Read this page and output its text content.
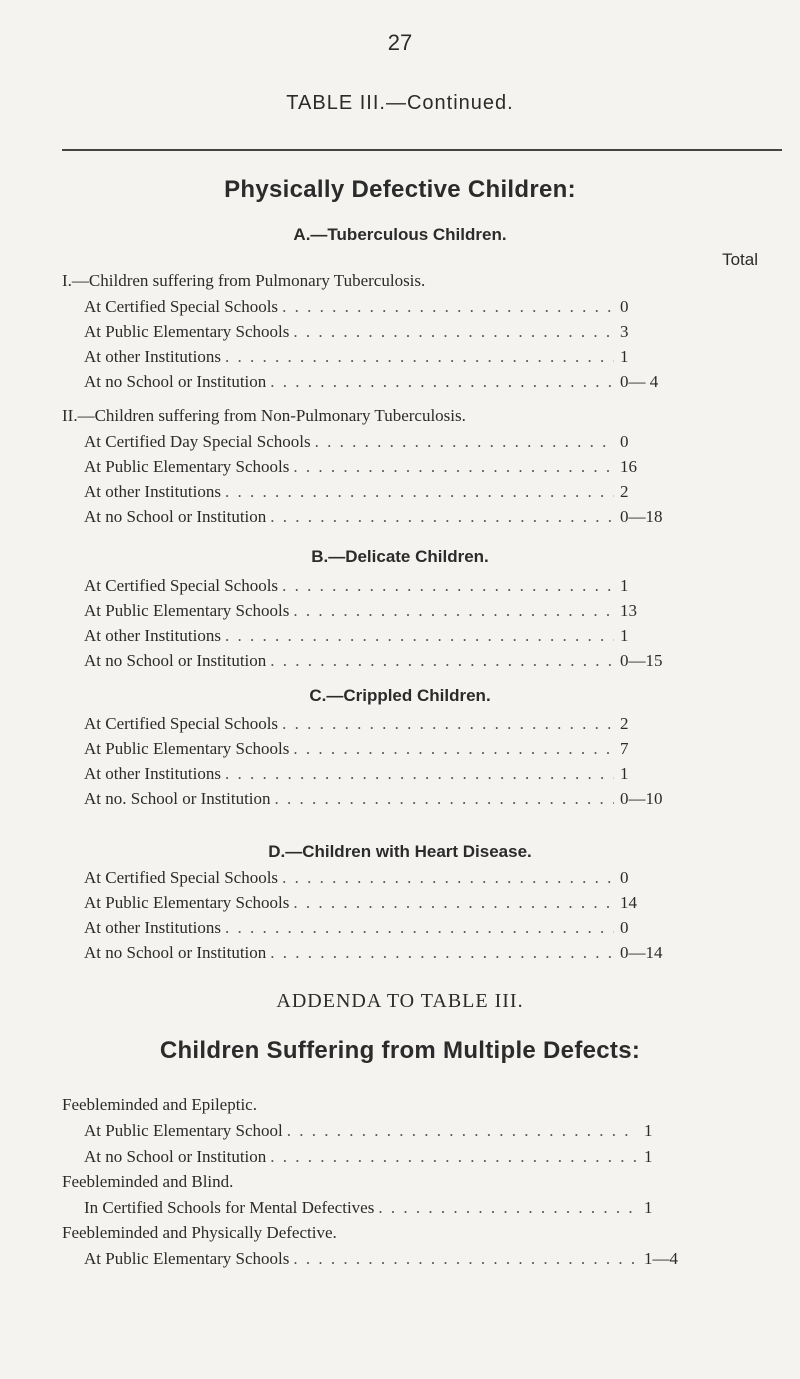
27
TABLE III.—Continued.
Physically Defective Children:
A.—Tuberculous Children.
Total
I.—Children suffering from Pulmonary Tuberculosis.
At Certified Special Schools . . .	0
At Public Elementary Schools . . .	3
At other Institutions . . .	1
At no School or Institution . . .	0— 4
II.—Children suffering from Non-Pulmonary Tuberculosis.
At Certified Day Special Schools . . .	0
At Public Elementary Schools . . .	16
At other Institutions . . .	2
At no School or Institution . . .	0—18
B.—Delicate Children.
At Certified Special Schools . . .	1
At Public Elementary Schools . . .	13
At other Institutions . . .	1
At no School or Institution . . .	0—15
C.—Crippled Children.
At Certified Special Schools . . .	2
At Public Elementary Schools . . .	7
At other Institutions . . .	1
At no. School or Institution . . .	0—10
D.—Children with Heart Disease.
At Certified Special Schools . . .	0
At Public Elementary Schools . . .	14
At other Institutions . . .	0
At no School or Institution . . .	0—14
ADDENDA TO TABLE III.
Children Suffering from Multiple Defects:
Feebleminded and Epileptic.
At Public Elementary School . . .	1
At no School or Institution . . .	1
Feebleminded and Blind.
In Certified Schools for Mental Defectives . . .	1
Feebleminded and Physically Defective.
At Public Elementary Schools . . .	1—4
